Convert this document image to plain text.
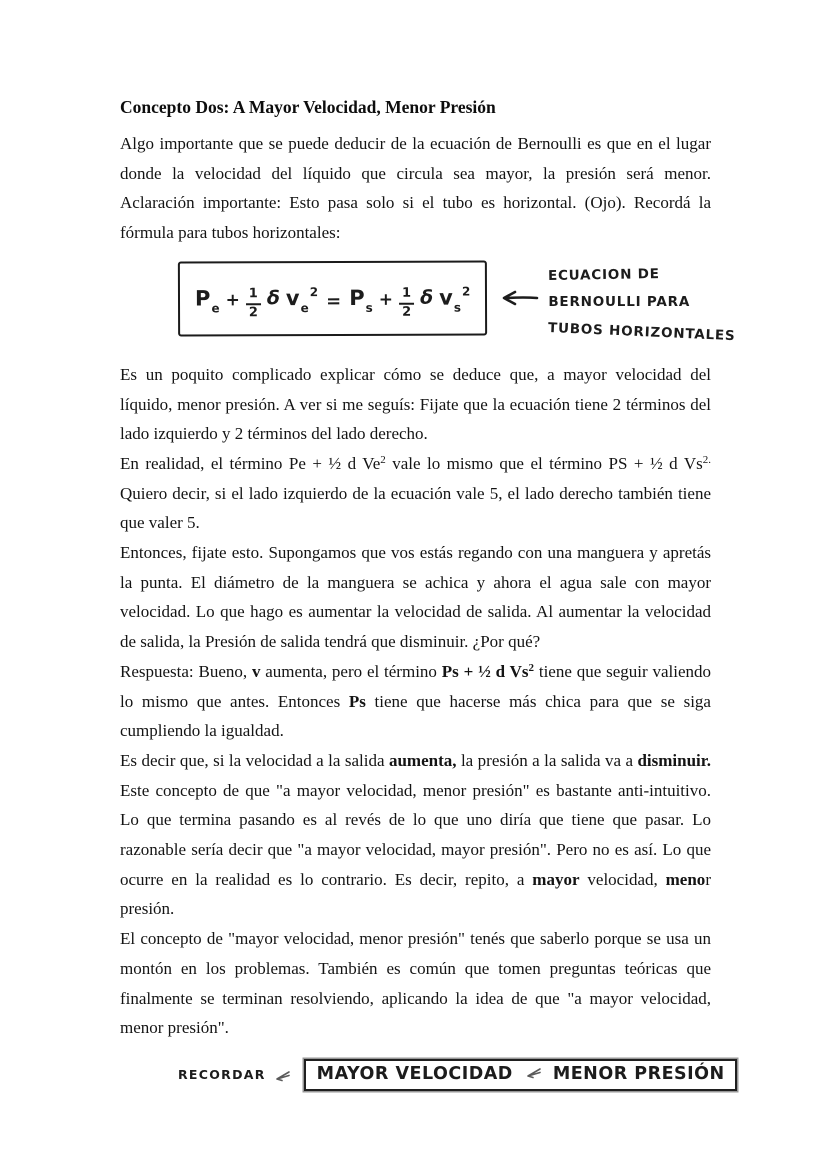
Concepto Dos: A Mayor Velocidad, Menor Presión

Algo importante que se puede deducir de la ecuación de Bernoulli es que en el lugar donde la velocidad del líquido que circula sea mayor, la presión será menor. Aclaración importante: Esto pasa solo si el tubo es horizontal. (Ojo). Recordá la fórmula para tubos horizontales:

$P_e + \frac{1}{2}$ δ $v_e^2 = P_s + \frac{1}{2}$ δ $v_s^2$
ECUACION DE
BERNOULLI PARA
TUBOS HORIZONTALES

Es un poquito complicado explicar cómo se deduce que, a mayor velocidad del líquido, menor presión. A ver si me seguís: Fijate que la ecuación tiene 2 términos del lado izquierdo y 2 términos del lado derecho.

En realidad, el término Pe + ½ d Ve$^2$ vale lo mismo que el término PS + ½ d $Vs^{2.}$ Quiero decir, si el lado izquierdo de la ecuación vale 5, el lado derecho también tiene que valer 5.

Entonces, fijate esto. Supongamos que vos estás regando con una manguera y apretás la punta. El diámetro de la manguera se achica y ahora el agua sale con mayor velocidad. Lo que hago es aumentar la velocidad de salida. Al aumentar la velocidad de salida, la Presión de salida tendrá que disminuir. ¿Por qué?

Respuesta: Bueno, v aumenta, pero el término Ps + ½ d Vs$^2$ tiene que seguir valiendo lo mismo que antes. Entonces Ps tiene que hacerse más chica para que se siga cumpliendo la igualdad.

Es decir que, si la velocidad a la salida aumenta, la presión a la salida va a disminuir. Este concepto de que "a mayor velocidad, menor presión" es bastante anti-intuitivo. Lo que termina pasando es al revés de lo que uno diría que tiene que pasar. Lo razonable sería decir que "a mayor velocidad, mayor presión". Pero no es así. Lo que ocurre en la realidad es lo contrario. Es decir, repito, a mayor velocidad, menor presión.

El concepto de "mayor velocidad, menor presión" tenés que saberlo porque se usa un montón en los problemas. También es común que tomen preguntas teóricas que finalmente se terminan resolviendo, aplicando la idea de que "a mayor velocidad, menor presión".

RECORDAR	MAYOR VELOCIDAD MENOR PRESIÓN
